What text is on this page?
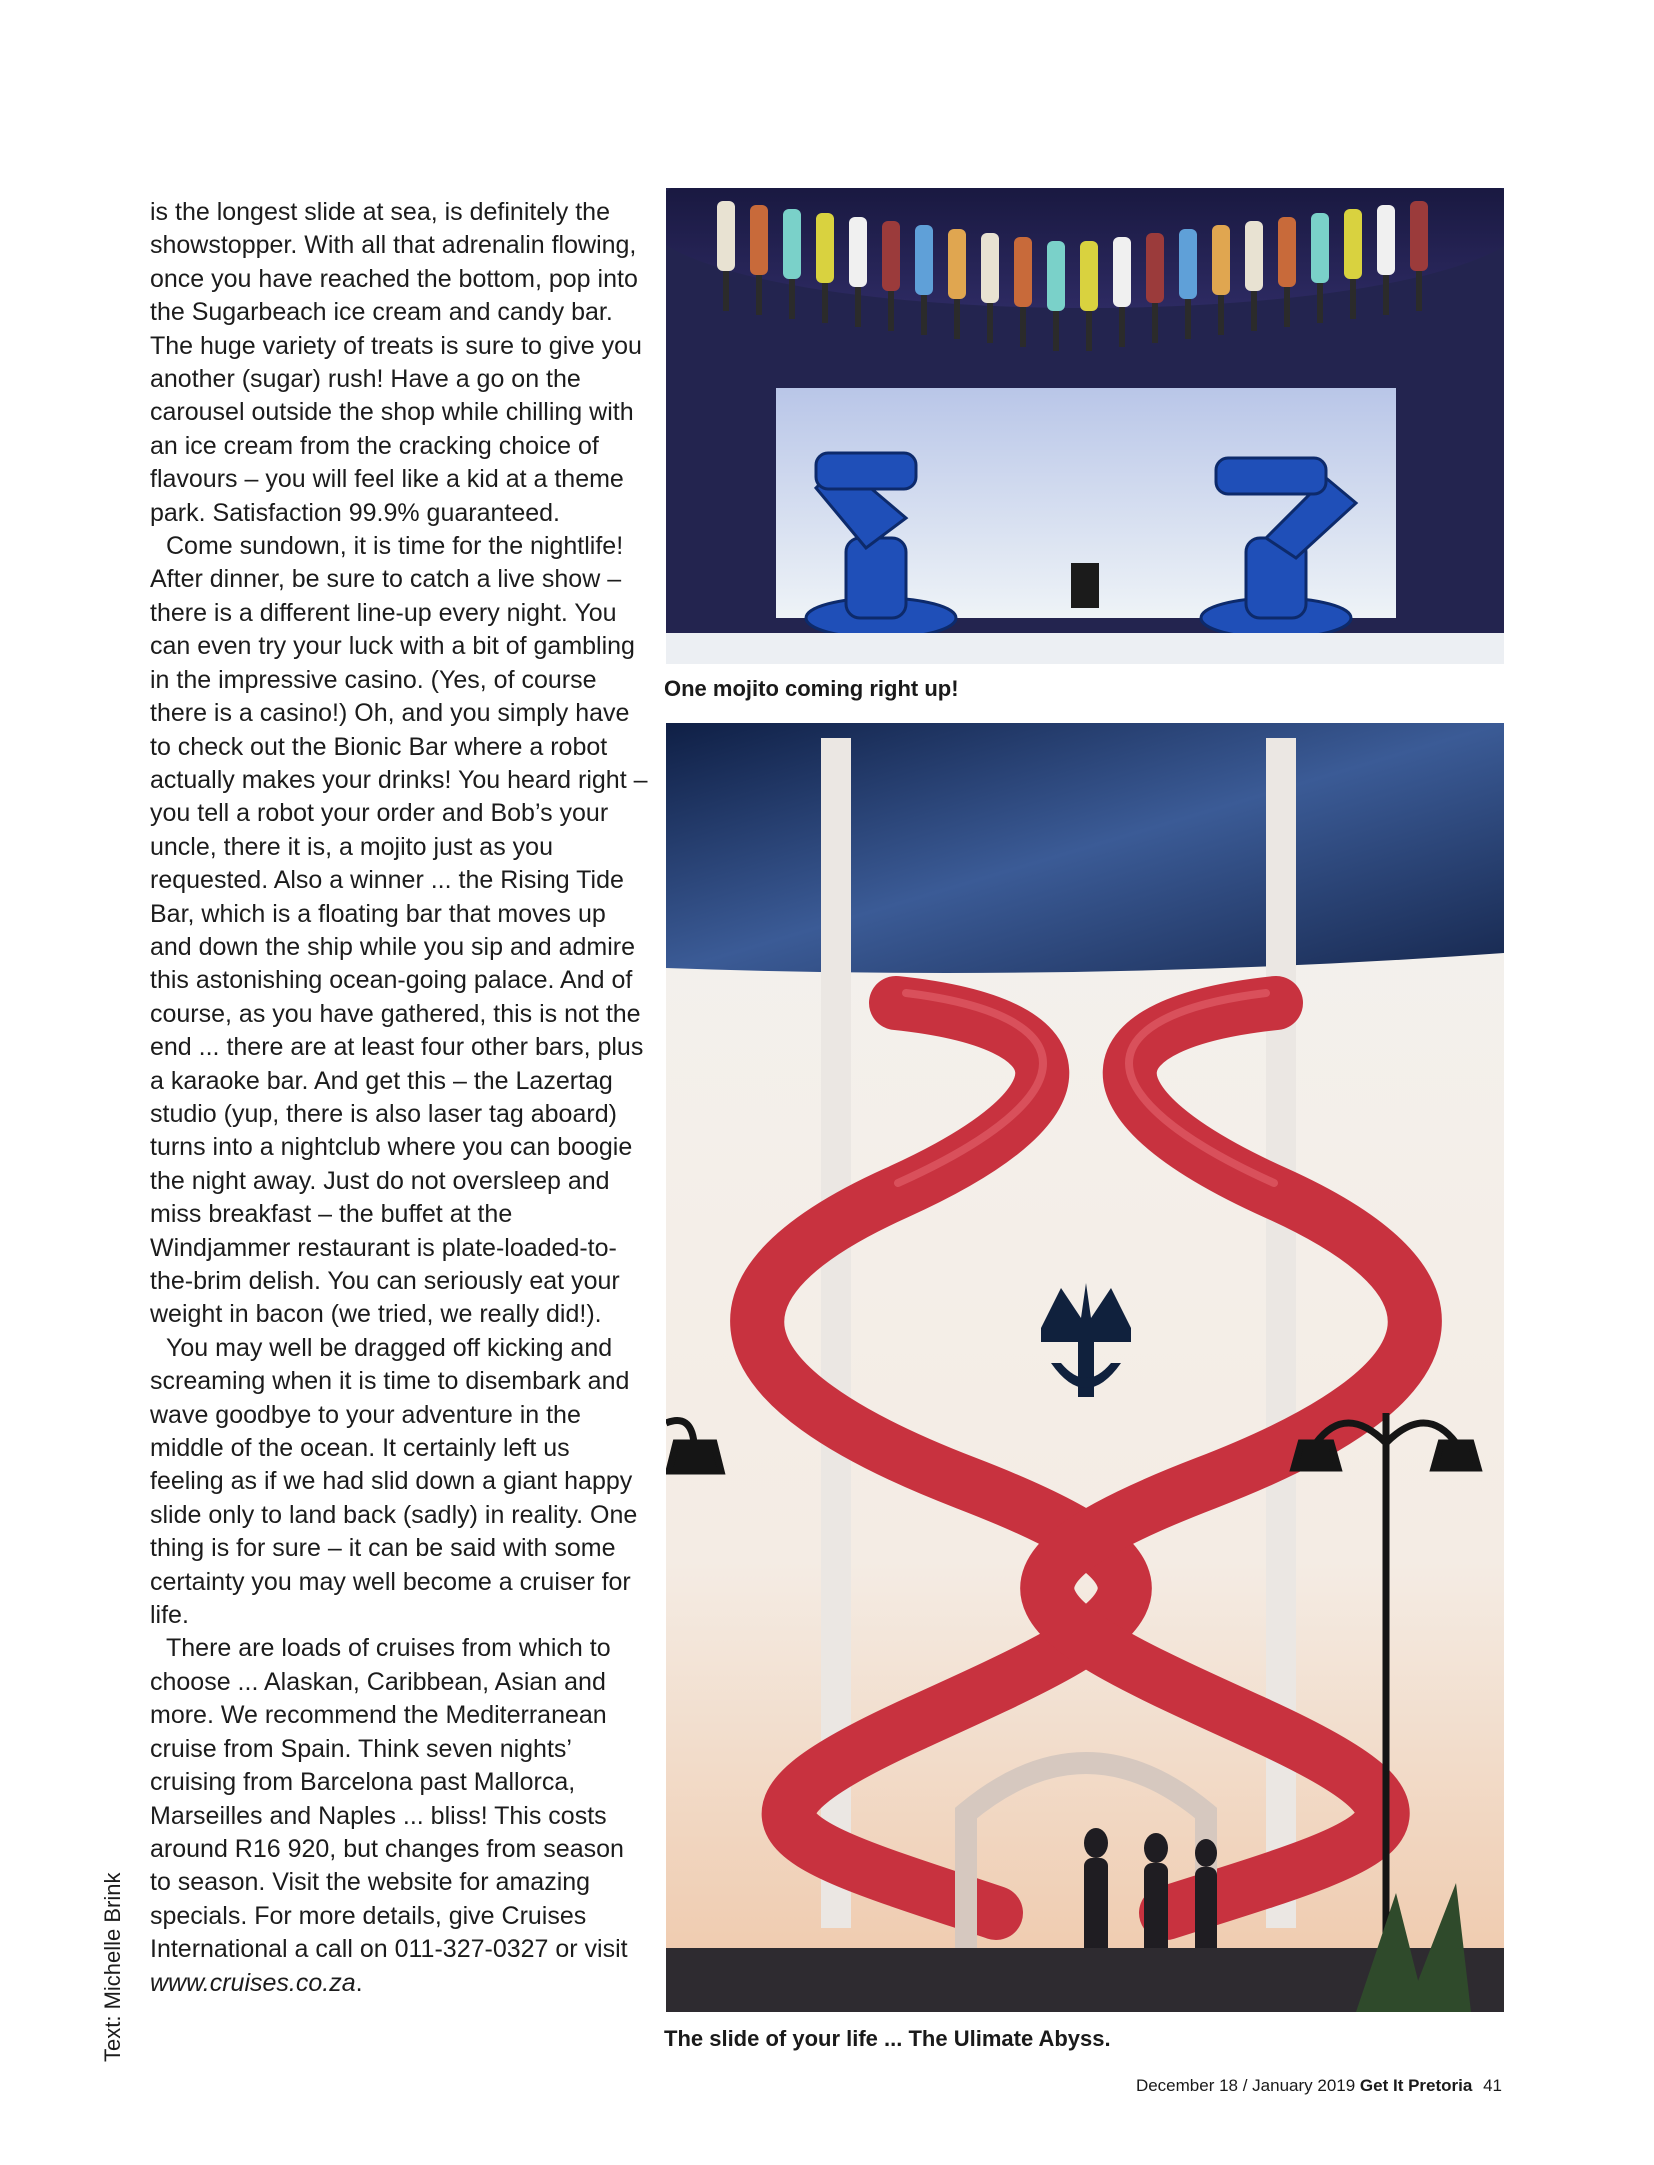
is the longest slide at sea, is definitely the showstopper. With all that adrenalin flowing, once you have reached the bottom, pop into the Sugarbeach ice cream and candy bar. The huge variety of treats is sure to give you another (sugar) rush! Have a go on the carousel outside the shop while chilling with an ice cream from the cracking choice of flavours – you will feel like a kid at a theme park. Satisfaction 99.9% guaranteed.

Come sundown, it is time for the nightlife! After dinner, be sure to catch a live show – there is a different line-up every night. You can even try your luck with a bit of gambling in the impressive casino. (Yes, of course there is a casino!) Oh, and you simply have to check out the Bionic Bar where a robot actually makes your drinks! You heard right – you tell a robot your order and Bob’s your uncle, there it is, a mojito just as you requested. Also a winner ... the Rising Tide Bar, which is a floating bar that moves up and down the ship while you sip and admire this astonishing ocean-going palace. And of course, as you have gathered, this is not the end ... there are at least four other bars, plus a karaoke bar. And get this – the Lazertag studio (yup, there is also laser tag aboard) turns into a nightclub where you can boogie the night away. Just do not oversleep and miss breakfast – the buffet at the Windjammer restaurant is plate-loaded-to-the-brim delish. You can seriously eat your weight in bacon (we tried, we really did!).

You may well be dragged off kicking and screaming when it is time to disembark and wave goodbye to your adventure in the middle of the ocean. It certainly left us feeling as if we had slid down a giant happy slide only to land back (sadly) in reality. One thing is for sure – it can be said with some certainty you may well become a cruiser for life.

There are loads of cruises from which to choose ... Alaskan, Caribbean, Asian and more. We recommend the Mediterranean cruise from Spain. Think seven nights’ cruising from Barcelona past Mallorca, Marseilles and Naples ... bliss! This costs around R16 920, but changes from season to season. Visit the website for amazing specials. For more details, give Cruises International a call on 011-327-0327 or visit www.cruises.co.za.

Text: Michelle Brink
One mojito coming right up!
The slide of your life ... The Ulimate Abyss.
December 18 / January 2019 Get It Pretoria 41
